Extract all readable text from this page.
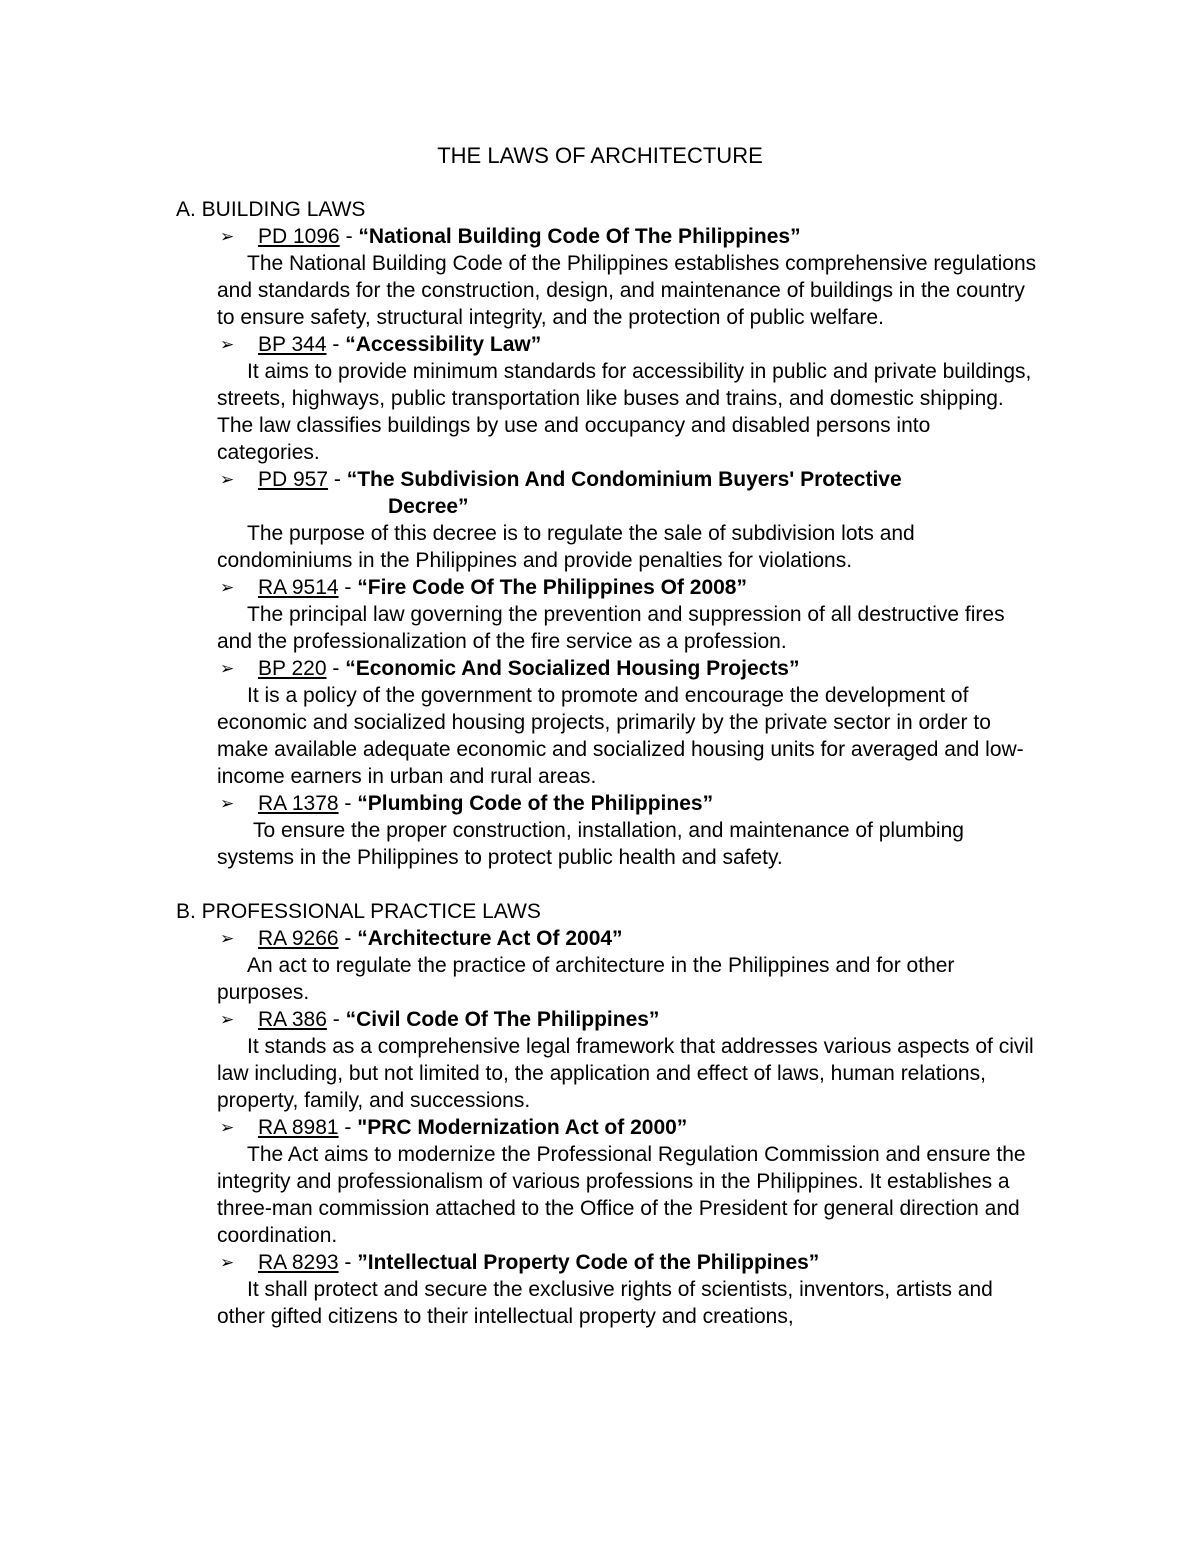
THE LAWS OF ARCHITECTURE
A. BUILDING LAWS
➢ PD 1096 - “National Building Code Of The Philippines”
The National Building Code of the Philippines establishes comprehensive regulations and standards for the construction, design, and maintenance of buildings in the country to ensure safety, structural integrity, and the protection of public welfare.
➢ BP 344 - “Accessibility Law”
It aims to provide minimum standards for accessibility in public and private buildings, streets, highways, public transportation like buses and trains, and domestic shipping. The law classifies buildings by use and occupancy and disabled persons into categories.
➢ PD 957 - “The Subdivision And Condominium Buyers' Protective
Decree”
The purpose of this decree is to regulate the sale of subdivision lots and condominiums in the Philippines and provide penalties for violations.
➢ RA 9514 - “Fire Code Of The Philippines Of 2008”
The principal law governing the prevention and suppression of all destructive fires and the professionalization of the fire service as a profession.
➢ BP 220 - “Economic And Socialized Housing Projects”
It is a policy of the government to promote and encourage the development of economic and socialized housing projects, primarily by the private sector in order to make available adequate economic and socialized housing units for averaged and low-income earners in urban and rural areas.
➢ RA 1378 - “Plumbing Code of the Philippines”
To ensure the proper construction, installation, and maintenance of plumbing systems in the Philippines to protect public health and safety.
B. PROFESSIONAL PRACTICE LAWS
➢ RA 9266 - “Architecture Act Of 2004”
An act to regulate the practice of architecture in the Philippines and for other purposes.
➢ RA 386 - “Civil Code Of The Philippines”
It stands as a comprehensive legal framework that addresses various aspects of civil law including, but not limited to, the application and effect of laws, human relations, property, family, and successions.
➢ RA 8981 - "PRC Modernization Act of 2000”
The Act aims to modernize the Professional Regulation Commission and ensure the integrity and professionalism of various professions in the Philippines. It establishes a three-man commission attached to the Office of the President for general direction and coordination.
➢ RA 8293 - ”Intellectual Property Code of the Philippines”
It shall protect and secure the exclusive rights of scientists, inventors, artists and other gifted citizens to their intellectual property and creations,
